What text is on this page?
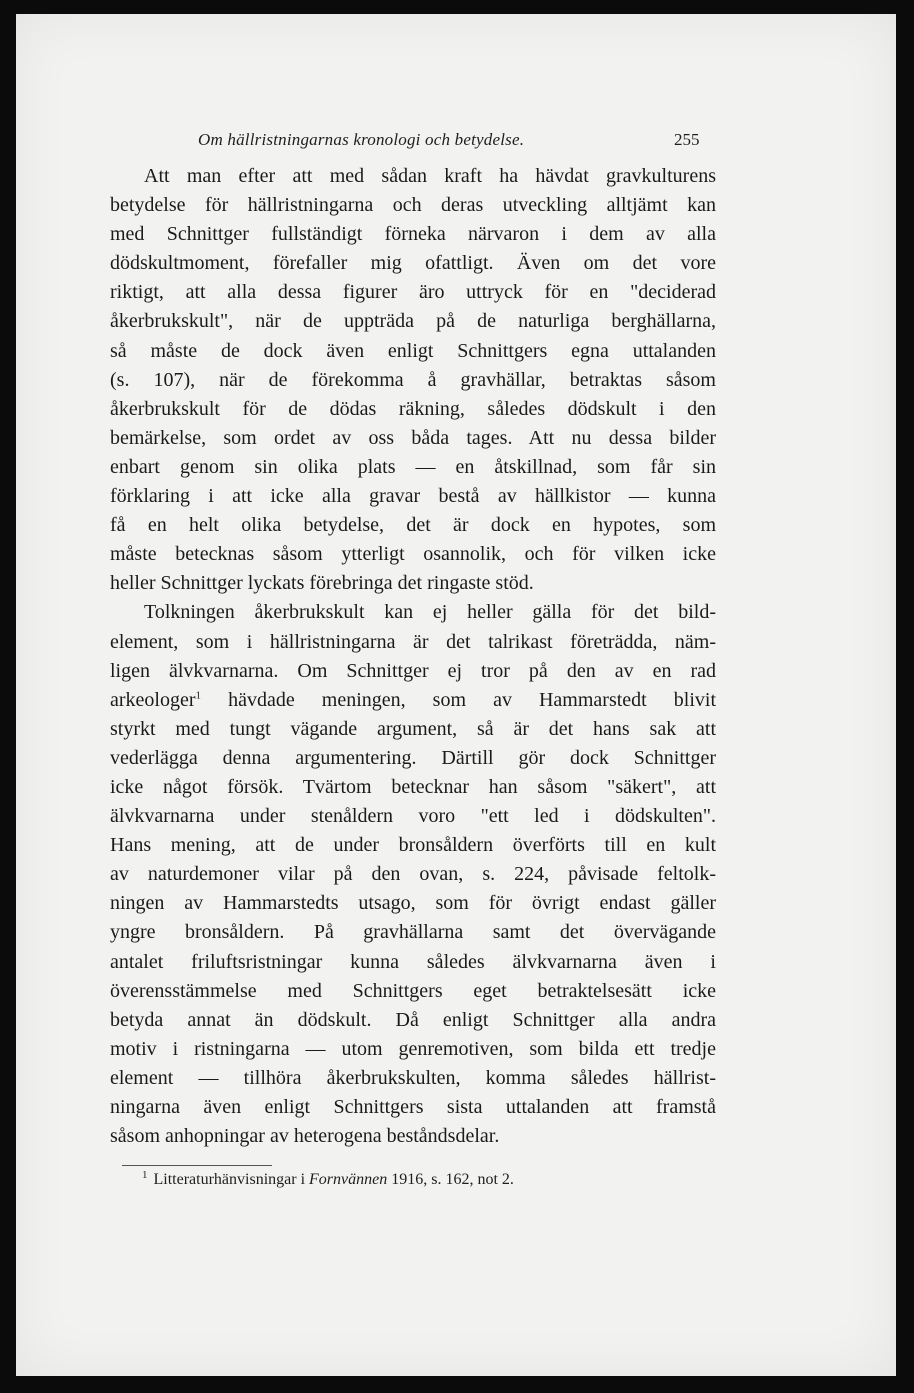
Om hällristningarnas kronologi och betydelse.	255
Att man efter att med sådan kraft ha hävdat gravkulturens
betydelse för hällristningarna och deras utveckling alltjämt kan
med Schnittger fullständigt förneka närvaron i dem av alla
dödskultmoment, förefaller mig ofattligt. Även om det vore
riktigt, att alla dessa figurer äro uttryck för en "deciderad
åkerbrukskult", när de uppträda på de naturliga berghällarna,
så måste de dock även enligt Schnittgers egna uttalanden
(s. 107), när de förekomma å gravhällar, betraktas såsom
åkerbrukskult för de dödas räkning, således dödskult i den
bemärkelse, som ordet av oss båda tages. Att nu dessa bilder
enbart genom sin olika plats — en åtskillnad, som får sin
förklaring i att icke alla gravar bestå av hällkistor — kunna
få en helt olika betydelse, det är dock en hypotes, som
måste betecknas såsom ytterligt osannolik, och för vilken icke
heller Schnittger lyckats förebringa det ringaste stöd.
Tolkningen åkerbrukskult kan ej heller gälla för det bild-
element, som i hällristningarna är det talrikast företrädda, näm-
ligen älvkvarnarna. Om Schnittger ej tror på den av en rad
arkeologer$^1$ hävdade meningen, som av Hammarstedt blivit
styrkt med tungt vägande argument, så är det hans sak att
vederlägga denna argumentering. Därtill gör dock Schnittger
icke något försök. Tvärtom betecknar han såsom "säkert", att
älvkvarnarna under stenåldern voro "ett led i dödskulten".
Hans mening, att de under bronsåldern överförts till en kult
av naturdemoner vilar på den ovan, s. 224, påvisade feltolk-
ningen av Hammarstedts utsago, som för övrigt endast gäller
yngre bronsåldern. På gravhällarna samt det övervägande
antalet friluftsristningar kunna således älvkvarnarna även i
överensstämmelse med Schnittgers eget betraktelsesätt icke
betyda annat än dödskult. Då enligt Schnittger alla andra
motiv i ristningarna — utom genremotiven, som bilda ett tredje
element — tillhöra åkerbrukskulten, komma således hällrist-
ningarna även enligt Schnittgers sista uttalanden att framstå
såsom anhopningar av heterogena beståndsdelar.
$^1$ Litteraturhänvisningar i Fornvännen 1916, s. 162, not 2.
